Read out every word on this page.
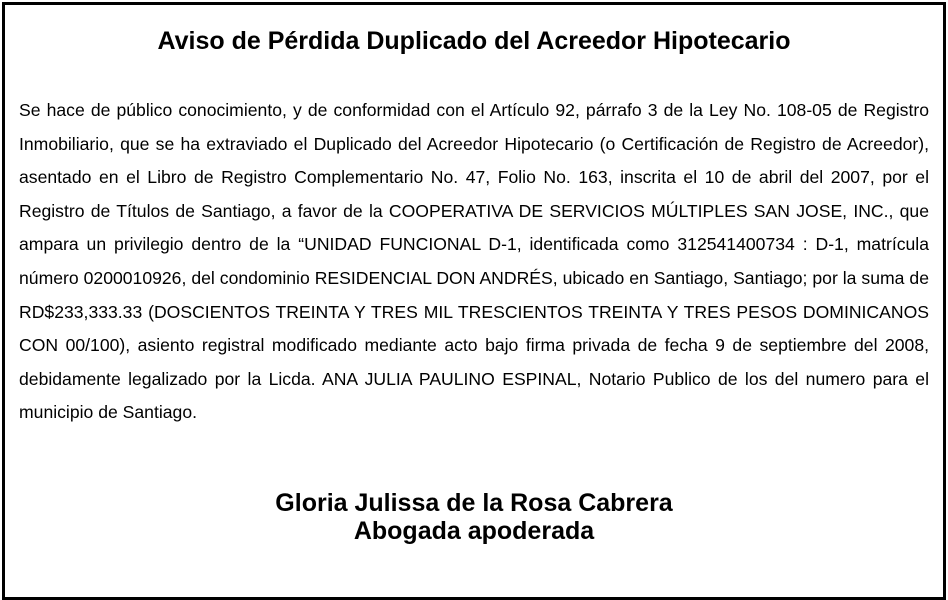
Aviso de Pérdida Duplicado del Acreedor Hipotecario

Se hace de público conocimiento, y de conformidad con el Artículo 92, párrafo 3 de la Ley No. 108-05 de Registro Inmobiliario, que se ha extraviado el Duplicado del Acreedor Hipotecario (o Certificación de Registro de Acreedor), asentado en el Libro de Registro Complementario No. 47, Folio No. 163, inscrita el 10 de abril del 2007, por el Registro de Títulos de Santiago, a favor de la COOPERATIVA DE SERVICIOS MÚLTIPLES SAN JOSE, INC., que ampara un privilegio dentro de la “UNIDAD FUNCIONAL D-1, identificada como 312541400734 : D-1, matrícula número 0200010926, del condominio RESIDENCIAL DON ANDRÉS, ubicado en Santiago, Santiago; por la suma de RD$233,333.33 (DOSCIENTOS TREINTA Y TRES MIL TRESCIENTOS TREINTA Y TRES PESOS DOMINICANOS CON 00/100), asiento registral modificado mediante acto bajo firma privada de fecha 9 de septiembre del 2008, debidamente legalizado por la Licda. ANA JULIA PAULINO ESPINAL, Notario Publico de los del numero para el municipio de Santiago.

Gloria Julissa de la Rosa Cabrera
Abogada apoderada
